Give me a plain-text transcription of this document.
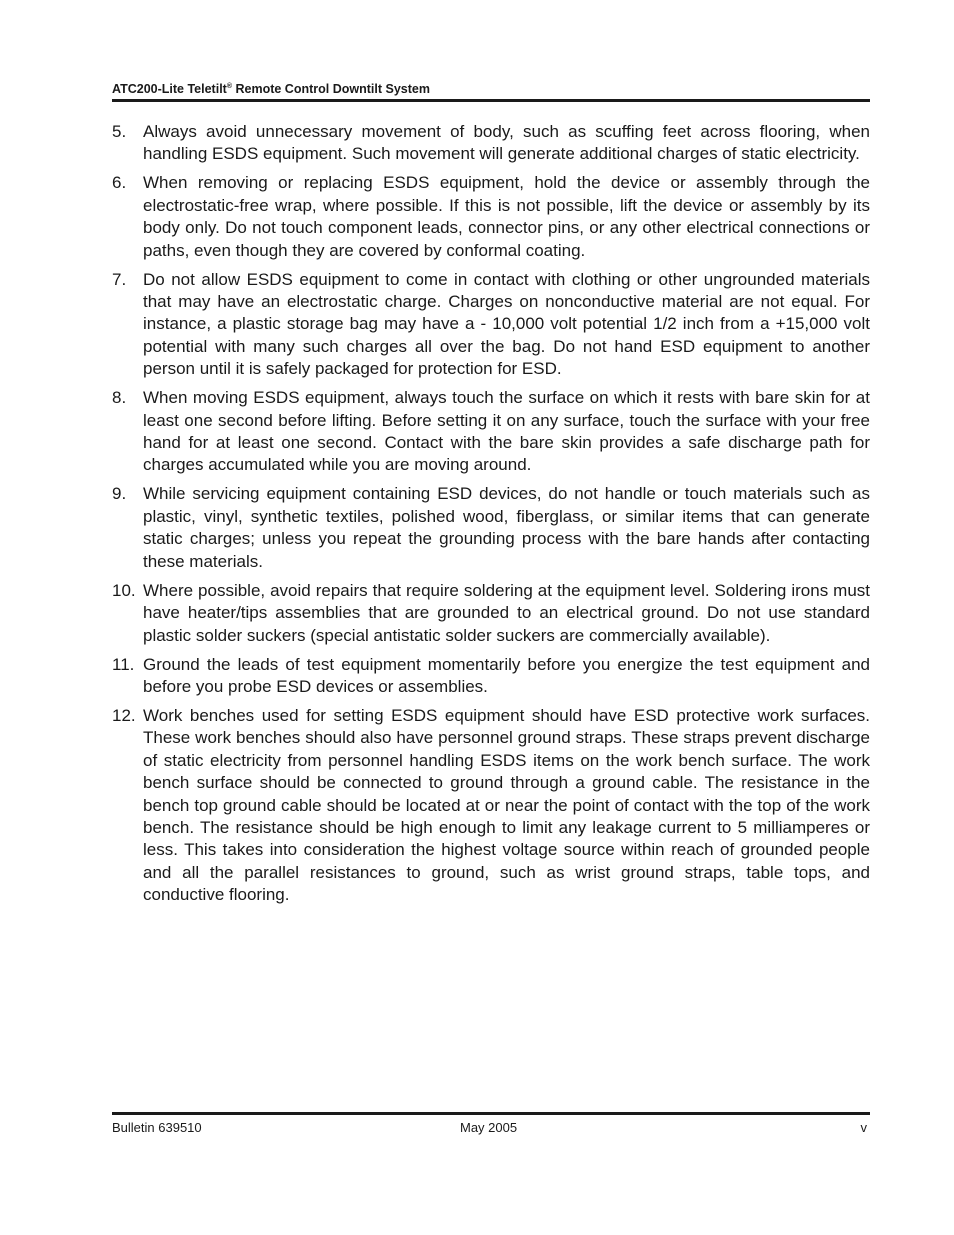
ATC200-Lite Teletilt® Remote Control Downtilt System
5. Always avoid unnecessary movement of body, such as scuffing feet across flooring, when handling ESDS equipment. Such movement will generate additional charges of static electricity.
6. When removing or replacing ESDS equipment, hold the device or assembly through the electrostatic-free wrap, where possible. If this is not possible, lift the device or assembly by its body only. Do not touch component leads, connector pins, or any other electrical connections or paths, even though they are covered by conformal coating.
7. Do not allow ESDS equipment to come in contact with clothing or other ungrounded materials that may have an electrostatic charge. Charges on nonconductive material are not equal. For instance, a plastic storage bag may have a - 10,000 volt potential 1/2 inch from a +15,000 volt potential with many such charges all over the bag. Do not hand ESD equipment to another person until it is safely packaged for protection for ESD.
8. When moving ESDS equipment, always touch the surface on which it rests with bare skin for at least one second before lifting. Before setting it on any surface, touch the surface with your free hand for at least one second. Contact with the bare skin provides a safe discharge path for charges accumulated while you are moving around.
9. While servicing equipment containing ESD devices, do not handle or touch materials such as plastic, vinyl, synthetic textiles, polished wood, fiberglass, or similar items that can generate static charges; unless you repeat the grounding process with the bare hands after contacting these materials.
10. Where possible, avoid repairs that require soldering at the equipment level. Soldering irons must have heater/tips assemblies that are grounded to an electrical ground. Do not use standard plastic solder suckers (special antistatic solder suckers are commercially available).
11. Ground the leads of test equipment momentarily before you energize the test equipment and before you probe ESD devices or assemblies.
12. Work benches used for setting ESDS equipment should have ESD protective work surfaces. These work benches should also have personnel ground straps. These straps prevent discharge of static electricity from personnel handling ESDS items on the work bench surface. The work bench surface should be connected to ground through a ground cable. The resistance in the bench top ground cable should be located at or near the point of contact with the top of the work bench. The resistance should be high enough to limit any leakage current to 5 milliamperes or less. This takes into consideration the highest voltage source within reach of grounded people and all the parallel resistances to ground, such as wrist ground straps, table tops, and conductive flooring.
Bulletin 639510	May 2005	v
